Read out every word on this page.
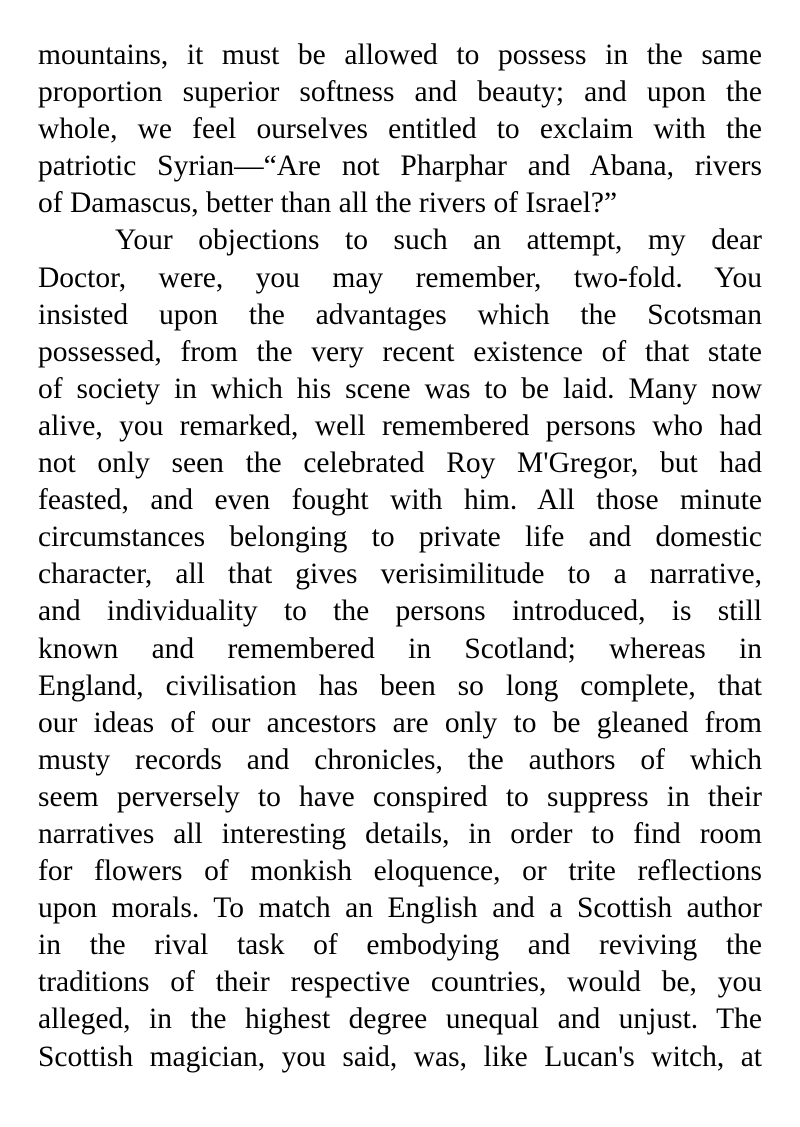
mountains, it must be allowed to possess in the same
proportion superior softness and beauty; and upon the
whole, we feel ourselves entitled to exclaim with the
patriotic Syrian—“Are not Pharphar and Abana, rivers
of Damascus, better than all the rivers of Israel?”
Your objections to such an attempt, my dear
Doctor, were, you may remember, two-fold. You
insisted upon the advantages which the Scotsman
possessed, from the very recent existence of that state
of society in which his scene was to be laid. Many now
alive, you remarked, well remembered persons who had
not only seen the celebrated Roy M'Gregor, but had
feasted, and even fought with him. All those minute
circumstances belonging to private life and domestic
character, all that gives verisimilitude to a narrative,
and individuality to the persons introduced, is still
known and remembered in Scotland; whereas in
England, civilisation has been so long complete, that
our ideas of our ancestors are only to be gleaned from
musty records and chronicles, the authors of which
seem perversely to have conspired to suppress in their
narratives all interesting details, in order to find room
for flowers of monkish eloquence, or trite reflections
upon morals. To match an English and a Scottish author
in the rival task of embodying and reviving the
traditions of their respective countries, would be, you
alleged, in the highest degree unequal and unjust. The
Scottish magician, you said, was, like Lucan's witch, at
